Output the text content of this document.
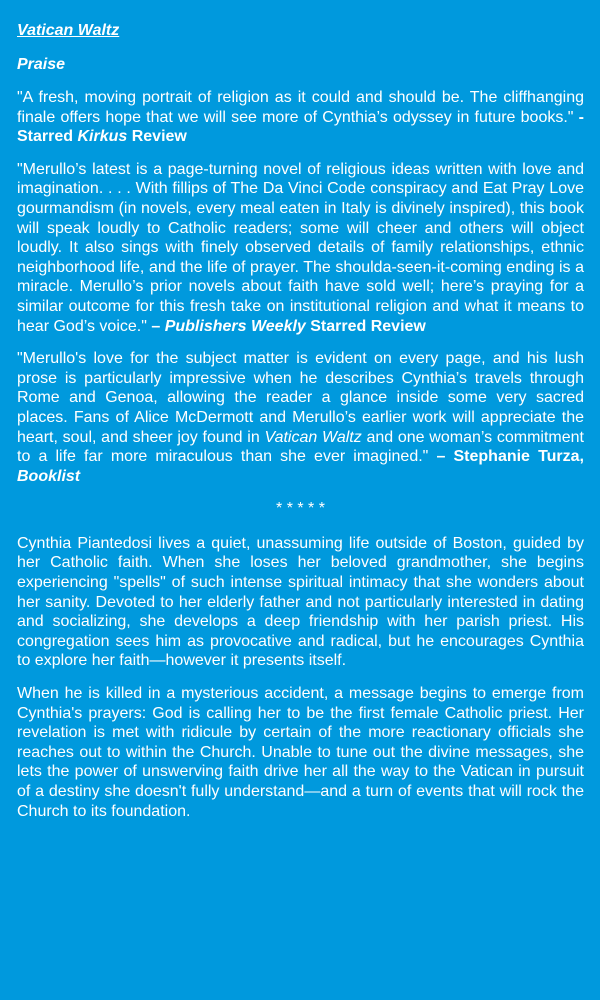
Vatican Waltz
Praise

"A fresh, moving portrait of religion as it could and should be. The cliffhanging finale offers hope that we will see more of Cynthia’s odyssey in future books." - Starred Kirkus Review

"Merullo’s latest is a page-turning novel of religious ideas written with love and imagination. . . . With fillips of The Da Vinci Code conspiracy and Eat Pray Love gourmandism (in novels, every meal eaten in Italy is divinely inspired), this book will speak loudly to Catholic readers; some will cheer and others will object loudly. It also sings with finely observed details of family relationships, ethnic neighborhood life, and the life of prayer. The shoulda-seen-it-coming ending is a miracle. Merullo’s prior novels about faith have sold well; here’s praying for a similar outcome for this fresh take on institutional religion and what it means to hear God’s voice." – Publishers Weekly Starred Review

"Merullo's love for the subject matter is evident on every page, and his lush prose is particularly impressive when he describes Cynthia’s travels through Rome and Genoa, allowing the reader a glance inside some very sacred places. Fans of Alice McDermott and Merullo’s earlier work will appreciate the heart, soul, and sheer joy found in Vatican Waltz and one woman’s commitment to a life far more miraculous than she ever imagined." – Stephanie Turza, Booklist

* * * * *

Cynthia Piantedosi lives a quiet, unassuming life outside of Boston, guided by her Catholic faith. When she loses her beloved grandmother, she begins experiencing "spells" of such intense spiritual intimacy that she wonders about her sanity. Devoted to her elderly father and not particularly interested in dating and socializing, she develops a deep friendship with her parish priest. His congregation sees him as provocative and radical, but he encourages Cynthia to explore her faith—however it presents itself.

When he is killed in a mysterious accident, a message begins to emerge from Cynthia's prayers: God is calling her to be the first female Catholic priest. Her revelation is met with ridicule by certain of the more reactionary officials she reaches out to within the Church. Unable to tune out the divine messages, she lets the power of unswerving faith drive her all the way to the Vatican in pursuit of a destiny she doesn't fully understand—and a turn of events that will rock the Church to its foundation.
